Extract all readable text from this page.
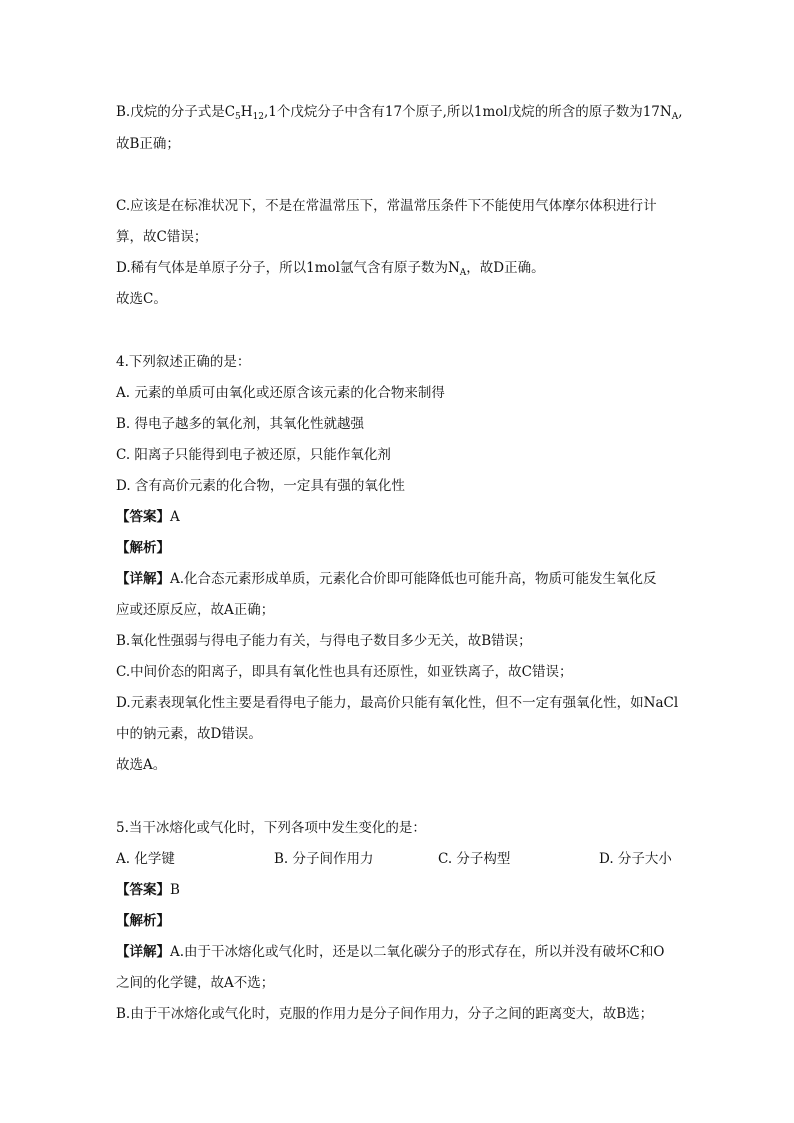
B.戊烷的分子式是$C_5H_{12},1$个戊烷分子中含有17个原子,所以1mol戊烷的所含的原子数为$17N_A$,
故B正确；
C.应该是在标准状况下，不是在常温常压下，常温常压条件下不能使用气体摩尔体积进行计
算，故C错误；
D.稀有气体是单原子分子，所以1mol氩气含有原子数为$N_A$，故D正确。
故选C。
4.下列叙述正确的是：
A. 元素的单质可由氧化或还原含该元素的化合物来制得
B. 得电子越多的氧化剂，其氧化性就越强
C. 阳离子只能得到电子被还原，只能作氧化剂
D. 含有高价元素的化合物，一定具有强的氧化性
【答案】A
【解析】
【详解】A.化合态元素形成单质，元素化合价即可能降低也可能升高，物质可能发生氧化反
应或还原反应，故A正确；
B.氧化性强弱与得电子能力有关，与得电子数目多少无关，故B错误；
C.中间价态的阳离子，即具有氧化性也具有还原性，如亚铁离子，故C错误；
D.元素表现氧化性主要是看得电子能力，最高价只能有氧化性，但不一定有强氧化性，如NaCl
中的钠元素，故D错误。
故选A。
5.当干冰熔化或气化时，下列各项中发生变化的是：
A. 化学键	B. 分子间作用力	C. 分子构型	D. 分子大小
【答案】B
【解析】
【详解】A.由于干冰熔化或气化时，还是以二氧化碳分子的形式存在，所以并没有破坏C和O
之间的化学键，故A不选；
B.由于干冰熔化或气化时，克服的作用力是分子间作用力，分子之间的距离变大，故B选；
